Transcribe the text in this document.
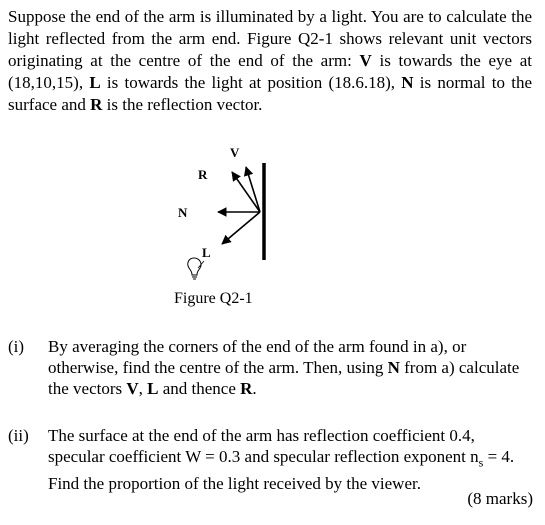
Suppose the end of the arm is illuminated by a light. You are to calculate the light reflected from the arm end. Figure Q2-1 shows relevant unit vectors originating at the centre of the end of the arm: V is towards the eye at (18,10,15), L is towards the light at position (18.6.18), N is normal to the surface and R is the reflection vector.
V
R
N
L
Figure Q2-1
(i) By averaging the corners of the end of the arm found in a), or otherwise, find the centre of the arm. Then, using N from a) calculate the vectors V, L and thence R.
(ii) The surface at the end of the arm has reflection coefficient 0.4, specular coefficient W = 0.3 and specular reflection exponent $n_s = 4$. Find the proportion of the light received by the viewer.
(8 marks)
